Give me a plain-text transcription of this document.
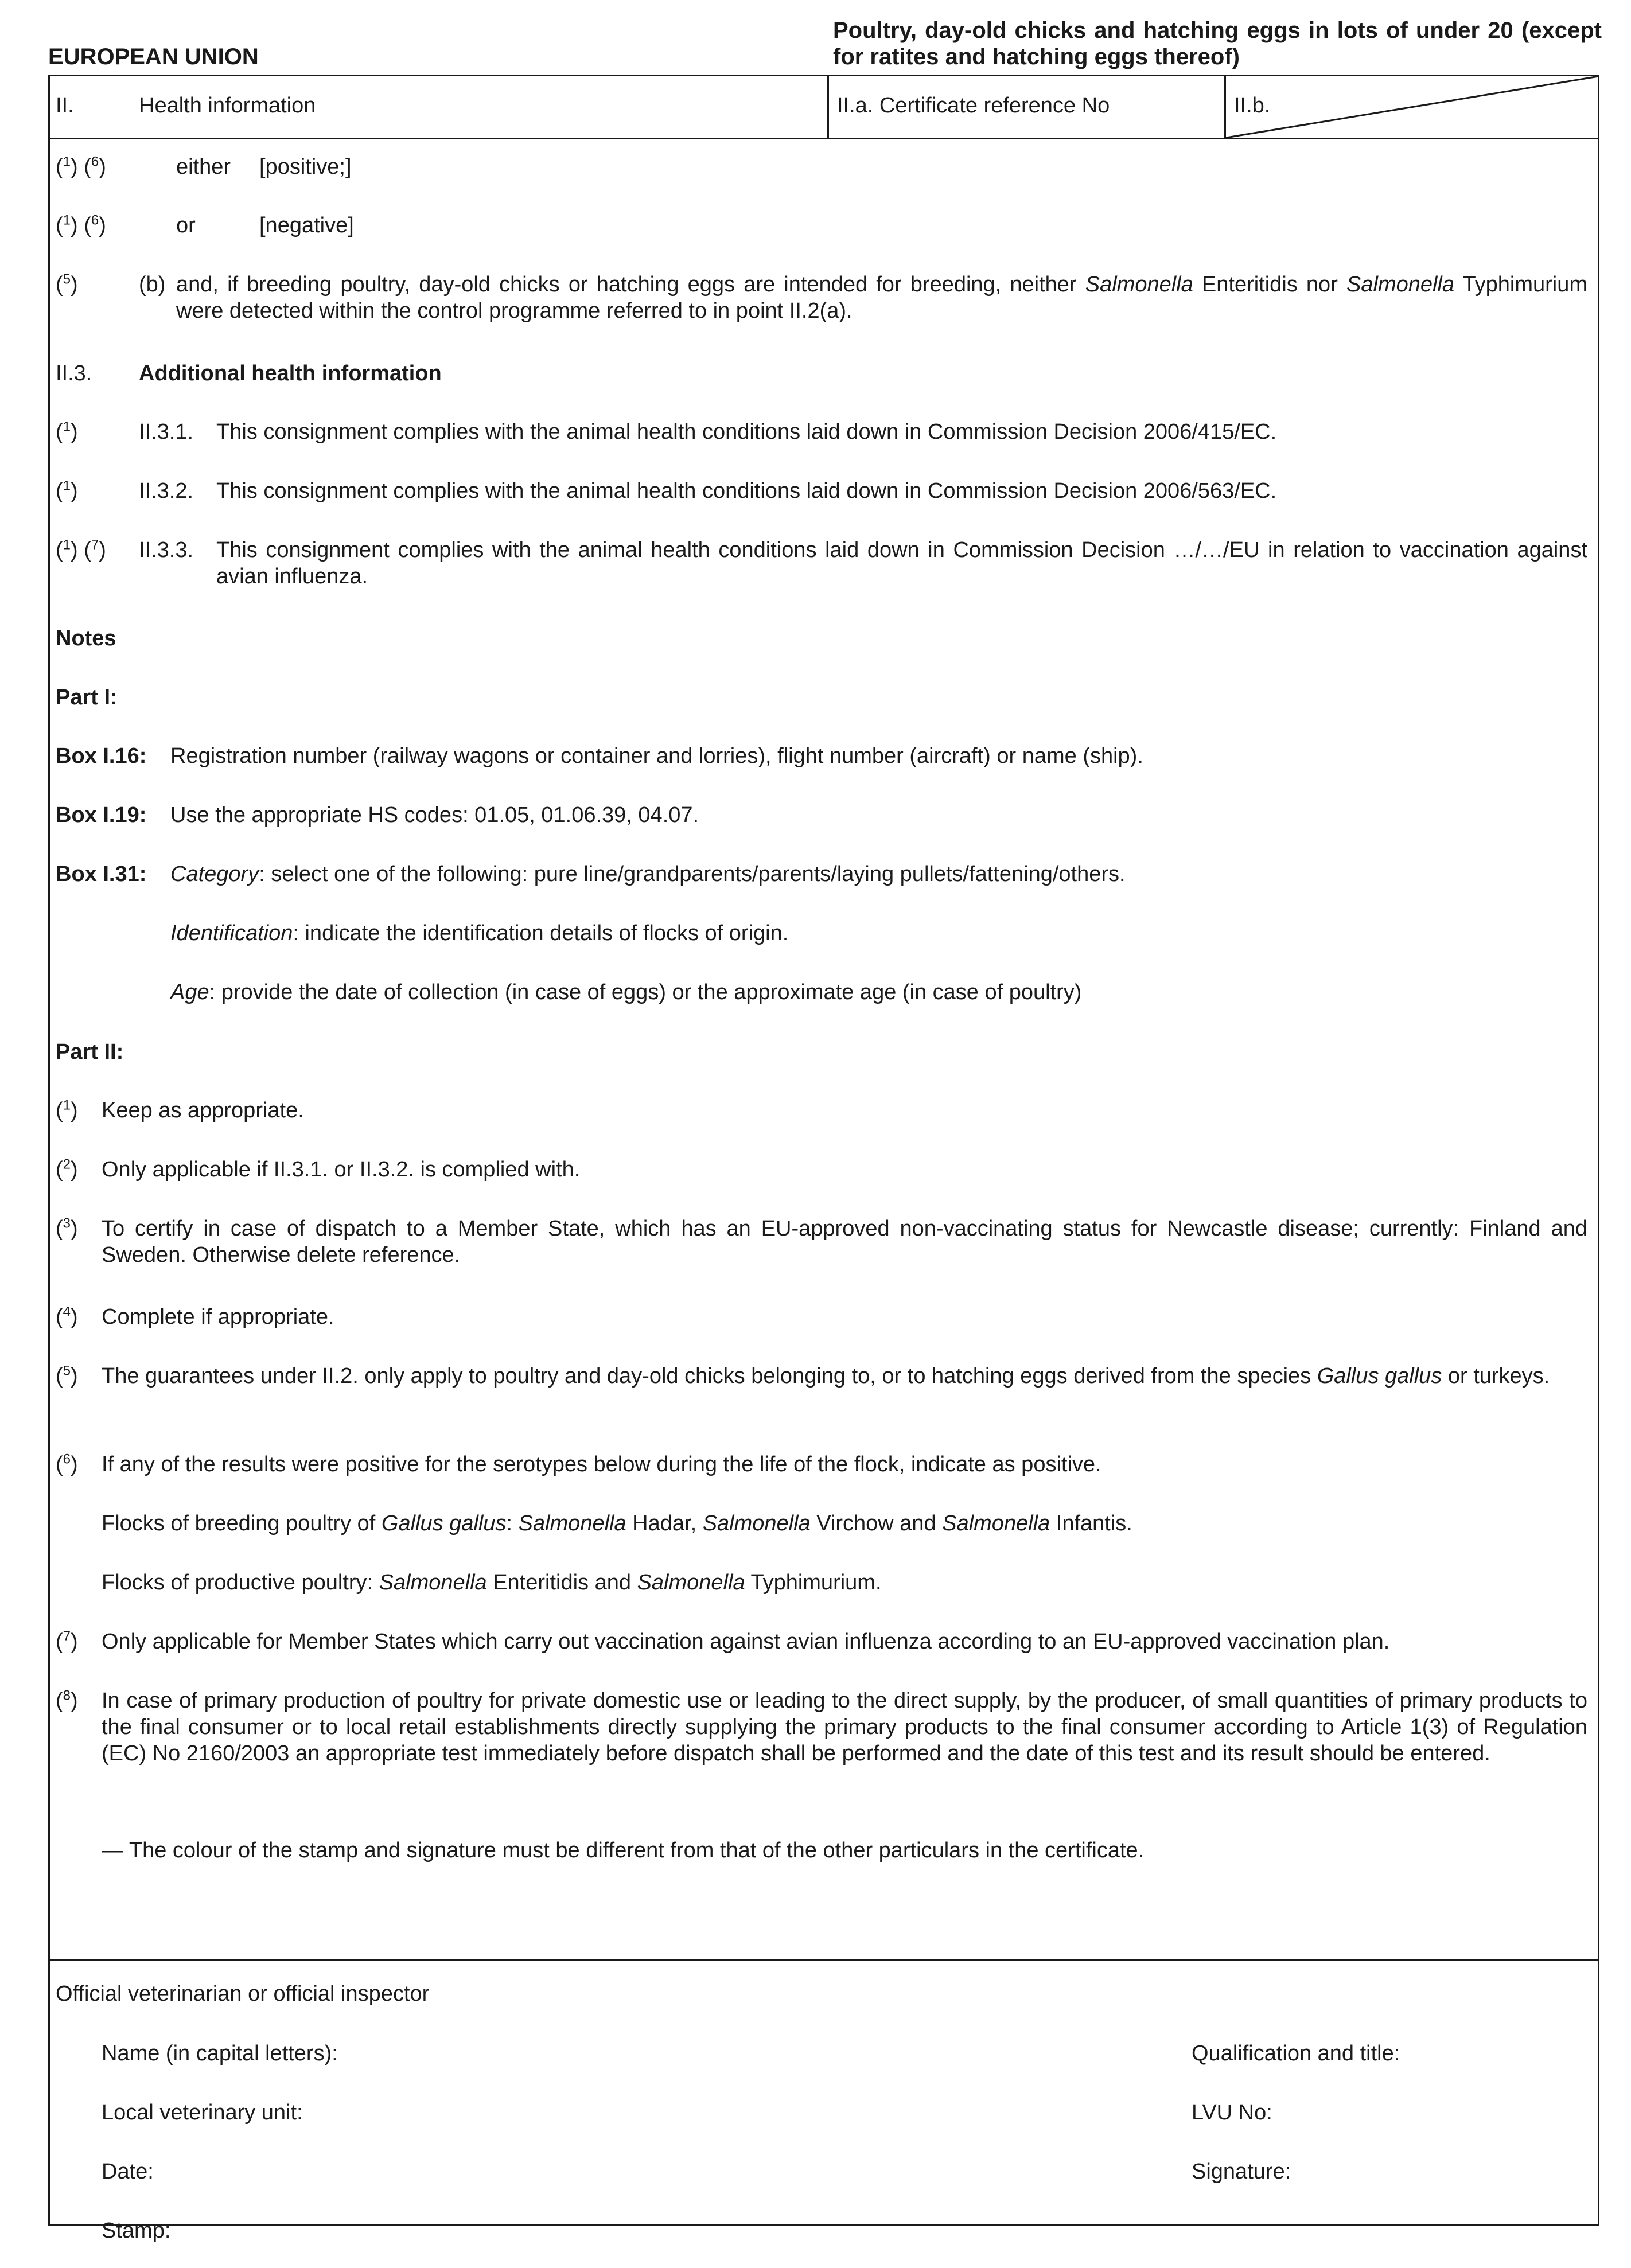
EUROPEAN UNION
Poultry, day-old chicks and hatching eggs in lots of under 20 (except for ratites and hatching eggs thereof)
II.	Health information	II.a. Certificate reference No	II.b.
($^1$) ($^6$)	either [positive;]
($^1$) ($^6$)	or	[negative]
($^5$)	(b) and, if breeding poultry, day-old chicks or hatching eggs are intended for breeding, neither Salmonella Enteritidis nor Salmonella Typhimurium were detected within the control programme referred to in point II.2(a).
II.3. Additional health information
($^1$)	II.3.1. This consignment complies with the animal health conditions laid down in Commission Decision 2006/415/EC.
($^1$)	II.3.2. This consignment complies with the animal health conditions laid down in Commission Decision 2006/563/EC.
($^1$) ($^7$) II.3.3. This consignment complies with the animal health conditions laid down in Commission Decision …/…/EU in relation to vaccination against avian influenza.
Notes
Part I:
Box I.16: Registration number (railway wagons or container and lorries), flight number (aircraft) or name (ship).
Box I.19: Use the appropriate HS codes: 01.05, 01.06.39, 04.07.
Box I.31: Category: select one of the following: pure line/grandparents/parents/laying pullets/fattening/others.
Identification: indicate the identification details of flocks of origin.
Age: provide the date of collection (in case of eggs) or the approximate age (in case of poultry)
Part II:
($^1$) Keep as appropriate.
($^2$) Only applicable if II.3.1. or II.3.2. is complied with.
($^3$) To certify in case of dispatch to a Member State, which has an EU-approved non-vaccinating status for Newcastle disease; currently: Finland and Sweden. Otherwise delete reference.
($^4$) Complete if appropriate.
($^5$) The guarantees under II.2. only apply to poultry and day-old chicks belonging to, or to hatching eggs derived from the species Gallus gallus or turkeys.
($^6$) If any of the results were positive for the serotypes below during the life of the flock, indicate as positive.
Flocks of breeding poultry of Gallus gallus: Salmonella Hadar, Salmonella Virchow and Salmonella Infantis.
Flocks of productive poultry: Salmonella Enteritidis and Salmonella Typhimurium.
($^7$) Only applicable for Member States which carry out vaccination against avian influenza according to an EU-approved vaccination plan.
($^8$) In case of primary production of poultry for private domestic use or leading to the direct supply, by the producer, of small quantities of primary products to the final consumer or to local retail establishments directly supplying the primary products to the final consumer according to Article 1(3) of Regulation (EC) No 2160/2003 an appropriate test immediately before dispatch shall be performed and the date of this test and its result should be entered.
— The colour of the stamp and signature must be different from that of the other particulars in the certificate.
Official veterinarian or official inspector
Name (in capital letters):	Qualification and title:
Local veterinary unit:	LVU No:
Date:	Signature:
Stamp:
